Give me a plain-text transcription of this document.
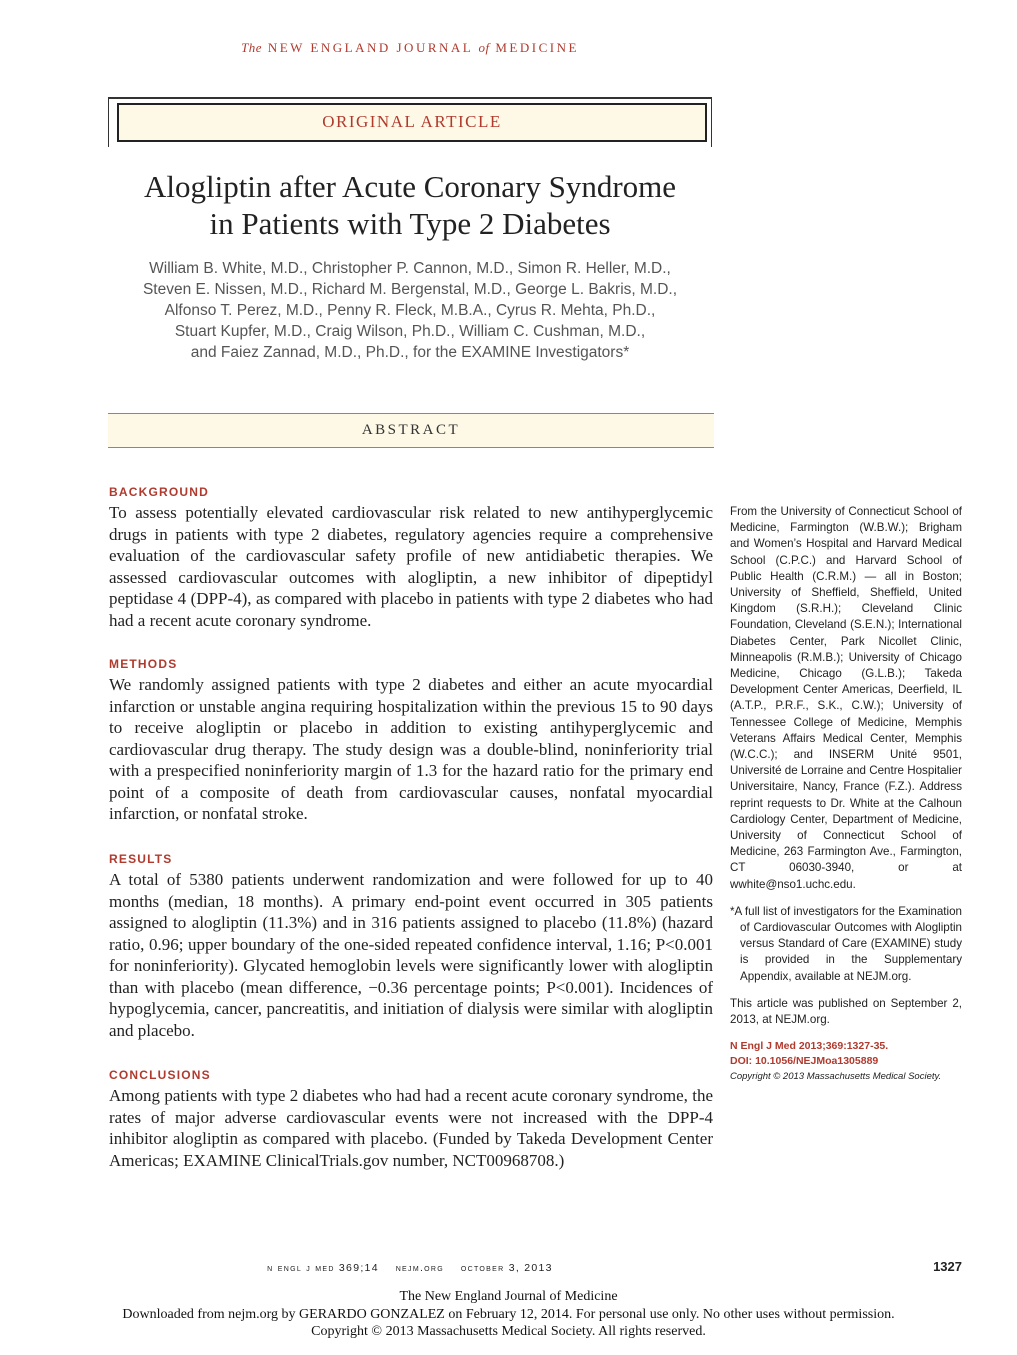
The NEW ENGLAND JOURNAL of MEDICINE
ORIGINAL ARTICLE
Alogliptin after Acute Coronary Syndrome
in Patients with Type 2 Diabetes
William B. White, M.D., Christopher P. Cannon, M.D., Simon R. Heller, M.D.,
Steven E. Nissen, M.D., Richard M. Bergenstal, M.D., George L. Bakris, M.D.,
Alfonso T. Perez, M.D., Penny R. Fleck, M.B.A., Cyrus R. Mehta, Ph.D.,
Stuart Kupfer, M.D., Craig Wilson, Ph.D., William C. Cushman, M.D.,
and Faiez Zannad, M.D., Ph.D., for the EXAMINE Investigators*
ABSTRACT
BACKGROUND
To assess potentially elevated cardiovascular risk related to new antihyperglycemic drugs in patients with type 2 diabetes, regulatory agencies require a comprehensive evaluation of the cardiovascular safety profile of new antidiabetic therapies. We assessed cardiovascular outcomes with alogliptin, a new inhibitor of dipeptidyl peptidase 4 (DPP-4), as compared with placebo in patients with type 2 diabetes who had had a recent acute coronary syndrome.
METHODS
We randomly assigned patients with type 2 diabetes and either an acute myocardial infarction or unstable angina requiring hospitalization within the previous 15 to 90 days to receive alogliptin or placebo in addition to existing antihyperglycemic and cardiovascular drug therapy. The study design was a double-blind, noninferiority trial with a prespecified noninferiority margin of 1.3 for the hazard ratio for the primary end point of a composite of death from cardiovascular causes, nonfatal myocardial infarction, or nonfatal stroke.
RESULTS
A total of 5380 patients underwent randomization and were followed for up to 40 months (median, 18 months). A primary end-point event occurred in 305 patients assigned to alogliptin (11.3%) and in 316 patients assigned to placebo (11.8%) (hazard ratio, 0.96; upper boundary of the one-sided repeated confidence interval, 1.16; P<0.001 for noninferiority). Glycated hemoglobin levels were significantly lower with alogliptin than with placebo (mean difference, −0.36 percentage points; P<0.001). Incidences of hypoglycemia, cancer, pancreatitis, and initiation of dialysis were similar with alogliptin and placebo.
CONCLUSIONS
Among patients with type 2 diabetes who had had a recent acute coronary syndrome, the rates of major adverse cardiovascular events were not increased with the DPP-4 inhibitor alogliptin as compared with placebo. (Funded by Takeda Development Center Americas; EXAMINE ClinicalTrials.gov number, NCT00968708.)

From the University of Connecticut School of Medicine, Farmington (W.B.W.); Brigham and Women’s Hospital and Harvard Medical School (C.P.C.) and Harvard School of Public Health (C.R.M.) — all in Boston; University of Sheffield, Sheffield, United Kingdom (S.R.H.); Cleveland Clinic Foundation, Cleveland (S.E.N.); International Diabetes Center, Park Nicollet Clinic, Minneapolis (R.M.B.); University of Chicago Medicine, Chicago (G.L.B.); Takeda Development Center Americas, Deerfield, IL (A.T.P., P.R.F., S.K., C.W.); University of Tennessee College of Medicine, Memphis Veterans Affairs Medical Center, Memphis (W.C.C.); and INSERM Unité 9501, Université de Lorraine and Centre Hospitalier Universitaire, Nancy, France (F.Z.). Address reprint requests to Dr. White at the Calhoun Cardiology Center, Department of Medicine, University of Connecticut School of Medicine, 263 Farmington Ave., Farmington, CT 06030-3940, or at wwhite@nso1.uchc.edu.

*A full list of investigators for the Examination of Cardiovascular Outcomes with Alogliptin versus Standard of Care (EXAMINE) study is provided in the Supplementary Appendix, available at NEJM.org.

This article was published on September 2, 2013, at NEJM.org.

N Engl J Med 2013;369:1327-35.
DOI: 10.1056/NEJMoa1305889

Copyright © 2013 Massachusetts Medical Society.

n engl j med 369;14    nejm.org    october 3, 2013	1327
The New England Journal of Medicine
Downloaded from nejm.org by GERARDO GONZALEZ on February 12, 2014. For personal use only. No other uses without permission.
Copyright © 2013 Massachusetts Medical Society. All rights reserved.
